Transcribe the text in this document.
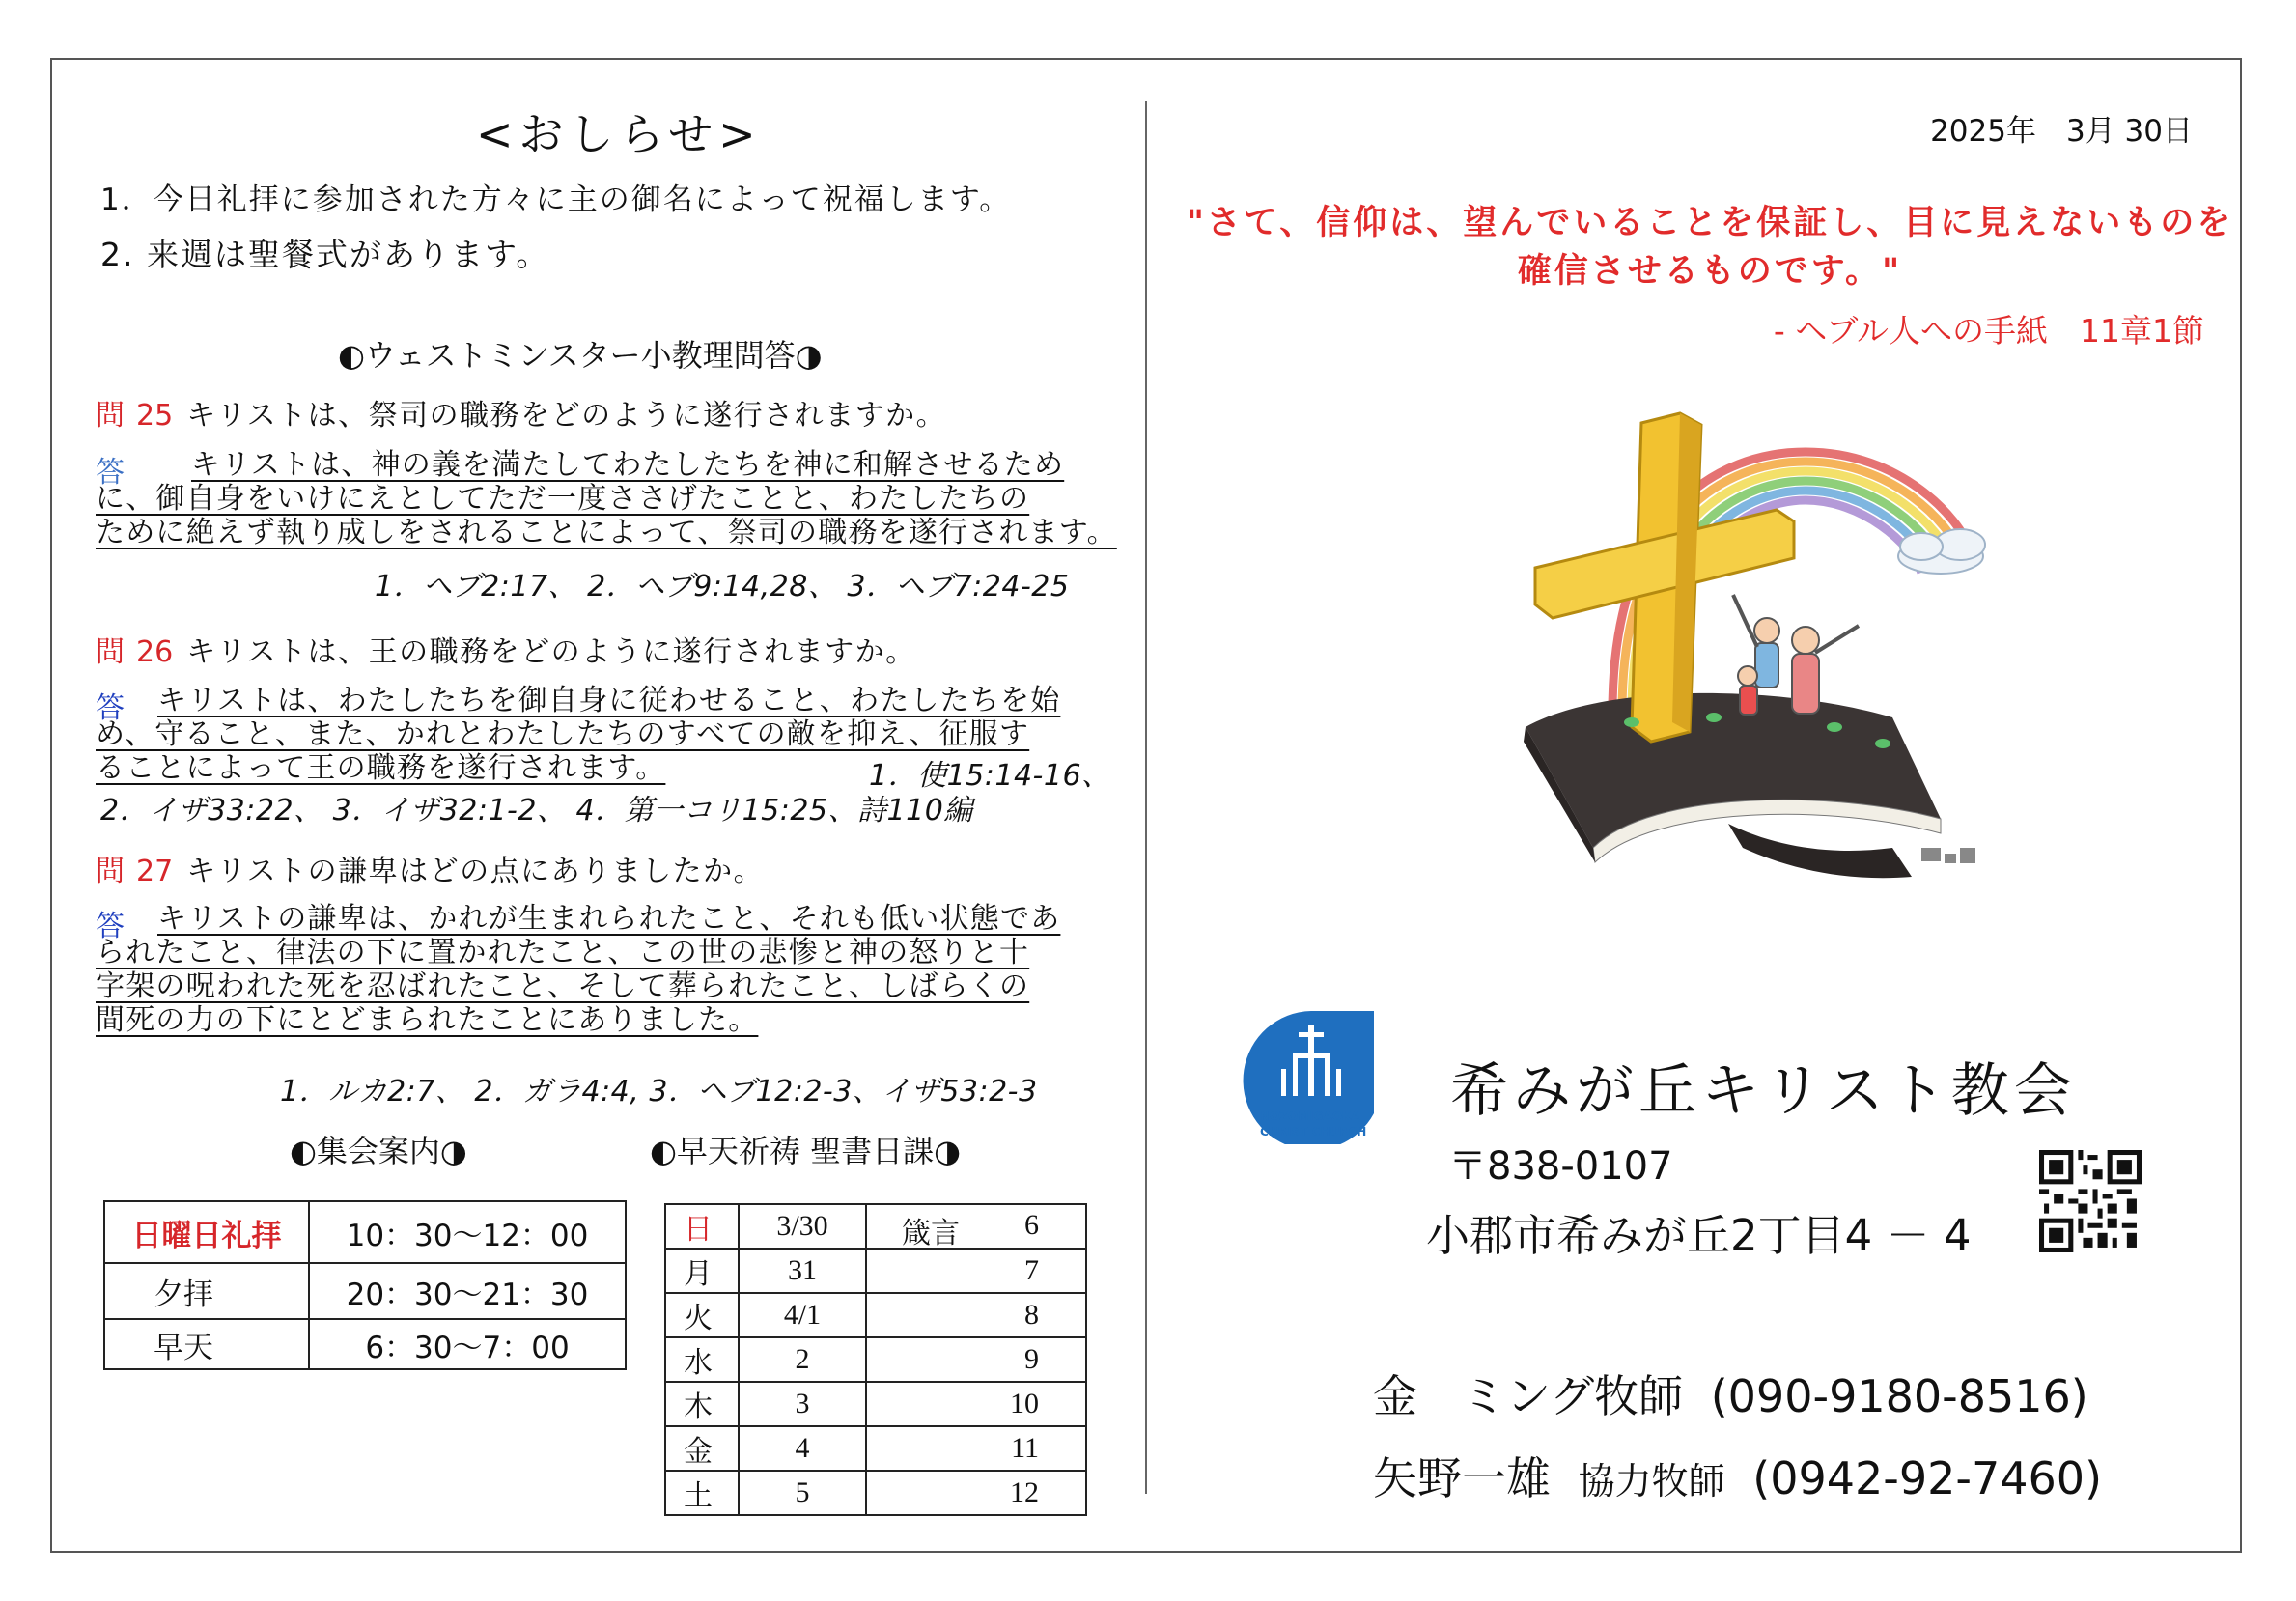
<おしらせ>
1．今日礼拝に参加された方々に主の御名によって祝福します。
2. 来週は聖餐式があります。
◐ウェストミンスター小教理問答◑
問 25 キリストは、祭司の職務をどのように遂行されますか。
答	キリストは、神の義を満たしてわたしたちを神に和解させるため
に、御自身をいけにえとしてただ一度ささげたことと、わたしたちの
ために絶えず執り成しをされることによって、祭司の職務を遂行されます。
1．ヘブ2:17、 2．ヘブ9:14,28、 3．ヘブ7:24-25
問 26 キリストは、王の職務をどのように遂行されますか。
答	キリストは、わたしたちを御自身に従わせること、わたしたちを始
め、守ること、また、かれとわたしたちのすべての敵を抑え、征服す
ることによって王の職務を遂行されます。	1．使15:14-16、
2．イザ33:22、 3．イザ32:1-2、 4．第一コリ15:25、詩110編
問 27 キリストの謙卑はどの点にありましたか。
答	キリストの謙卑は、かれが生まれられたこと、それも低い状態であ
られたこと、律法の下に置かれたこと、この世の悲惨と神の怒りと十
字架の呪われた死を忍ばれたこと、そして葬られたこと、しばらくの
間死の力の下にとどまられたことにありました。
1．ルカ2:7、 2．ガラ4:4, 3．ヘブ12:2-3、イザ53:2-3
◐集会案内◑
日曜日礼拝	10：30～12：00
夕拝	20：30～21：30
早天	6：30～7：00
◐早天祈祷 聖書日課◑
日	3/30	箴言 6

月	31	7
火	4/1	8
水	2	9
木	3	10
金	4	11
土	5	12
2025年　3月 30日
"さて、信仰は、望んでいることを保証し、目に見えないものを
確信させるものです。"
- ヘブル人への手紙　11章1節
NOZOMIGAOKA
CHRIST CHURCH
希みが丘キリスト教会
〒838-0107
小郡市希みが丘2丁目4 － 4
金　ミング牧師 (090-9180-8516)
矢野一雄 協力牧師 (0942-92-7460)
